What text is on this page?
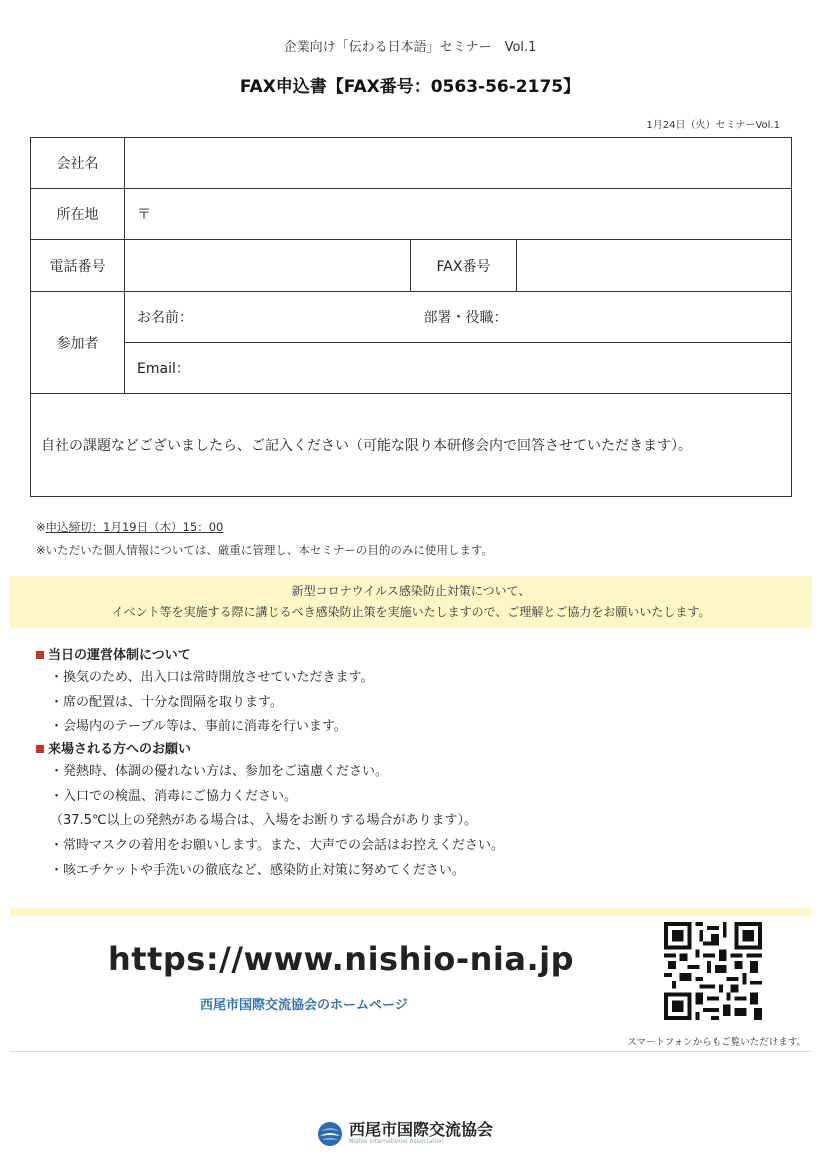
企業向け「伝わる日本語」セミナー　Vol.1
FAX申込書【FAX番号：0563-56-2175】
1月24日（火）セミナーVol.1
会社名			
所在地	〒		
電話番号		FAX番号	
参加者	お名前： 部署・役職：		

	Email：		
自社の課題などございましたら、ご記入ください（可能な限り本研修会内で回答させていただきます）。			
※申込締切：1月19日（木）15：00
※いただいた個人情報については、厳重に管理し、本セミナーの目的のみに使用します。
新型コロナウイルス感染防止対策について、
イベント等を実施する際に講じるべき感染防止策を実施いたしますので、ご理解とご協力をお願いいたします。
当日の運営体制について
・換気のため、出入口は常時開放させていただきます。
・席の配置は、十分な間隔を取ります。
・会場内のテーブル等は、事前に消毒を行います。
来場される方へのお願い
・発熱時、体調の優れない方は、参加をご遠慮ください。
・入口での検温、消毒にご協力ください。
（37.5℃以上の発熱がある場合は、入場をお断りする場合があります）。
・常時マスクの着用をお願いします。また、大声での会話はお控えください。
・咳エチケットや手洗いの徹底など、感染防止対策に努めてください。
https://www.nishio-nia.jp
西尾市国際交流協会のホームページ
スマートフォンからもご覧いただけます。
西尾市国際交流協会
Nishio International Association
